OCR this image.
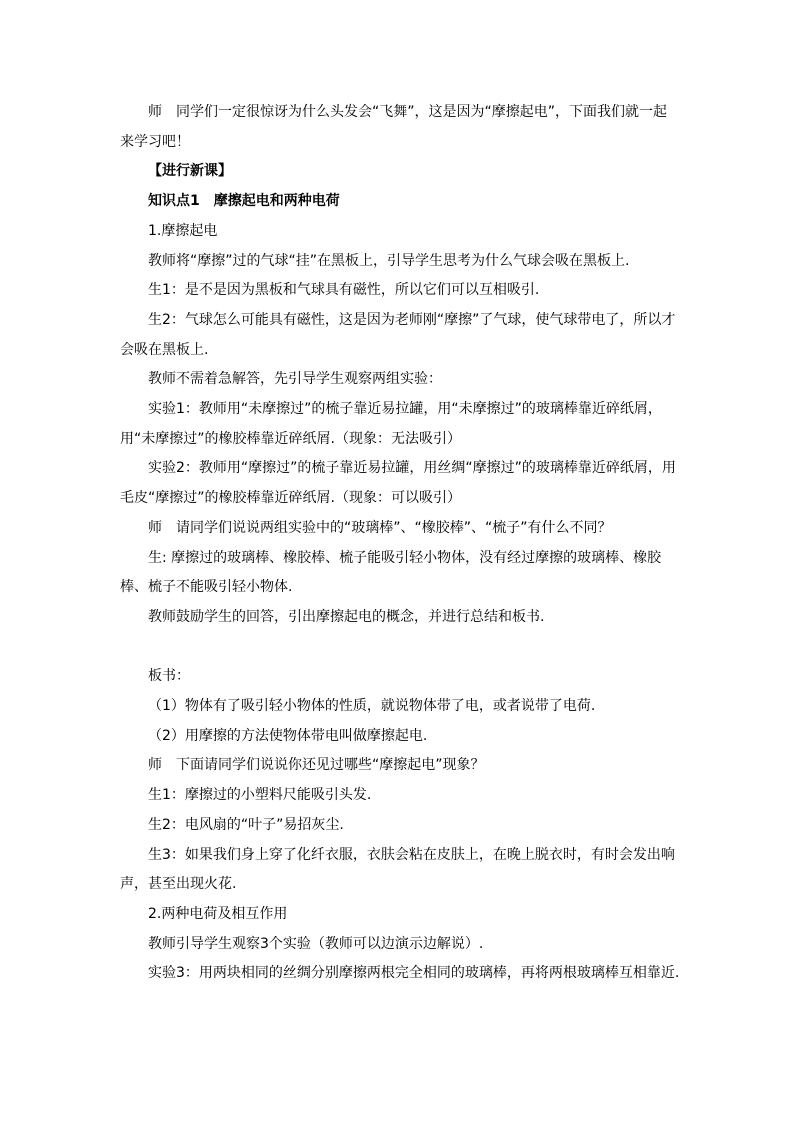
师　同学们一定很惊讶为什么头发会“飞舞”，这是因为“摩擦起电”，下面我们就一起来学习吧！

【进行新课】

知识点1　摩擦起电和两种电荷

1.摩擦起电

教师将“摩擦”过的气球“挂”在黑板上，引导学生思考为什么气球会吸在黑板上.

生1：是不是因为黑板和气球具有磁性，所以它们可以互相吸引.

生2：气球怎么可能具有磁性，这是因为老师刚“摩擦”了气球，使气球带电了，所以才会吸在黑板上.

教师不需着急解答，先引导学生观察两组实验：

实验1：教师用“未摩擦过”的梳子靠近易拉罐，用“未摩擦过”的玻璃棒靠近碎纸屑，用“未摩擦过”的橡胶棒靠近碎纸屑.（现象：无法吸引）

实验2：教师用“摩擦过”的梳子靠近易拉罐，用丝绸“摩擦过”的玻璃棒靠近碎纸屑，用毛皮“摩擦过”的橡胶棒靠近碎纸屑.（现象：可以吸引）

师　请同学们说说两组实验中的“玻璃棒”、“橡胶棒”、“梳子”有什么不同？

生: 摩擦过的玻璃棒、橡胶棒、梳子能吸引轻小物体，没有经过摩擦的玻璃棒、橡胶棒、梳子不能吸引轻小物体.

教师鼓励学生的回答，引出摩擦起电的概念，并进行总结和板书.

板书：

（1）物体有了吸引轻小物体的性质，就说物体带了电，或者说带了电荷.

（2）用摩擦的方法使物体带电叫做摩擦起电.

师　下面请同学们说说你还见过哪些“摩擦起电”现象？

生1：摩擦过的小塑料尺能吸引头发.

生2：电风扇的“叶子”易招灰尘.

生3：如果我们身上穿了化纤衣服，衣肤会粘在皮肤上，在晚上脱衣时，有时会发出响声，甚至出现火花.

2.两种电荷及相互作用

教师引导学生观察3个实验（教师可以边演示边解说）.

实验3：用两块相同的丝绸分别摩擦两根完全相同的玻璃棒，再将两根玻璃棒互相靠近.
